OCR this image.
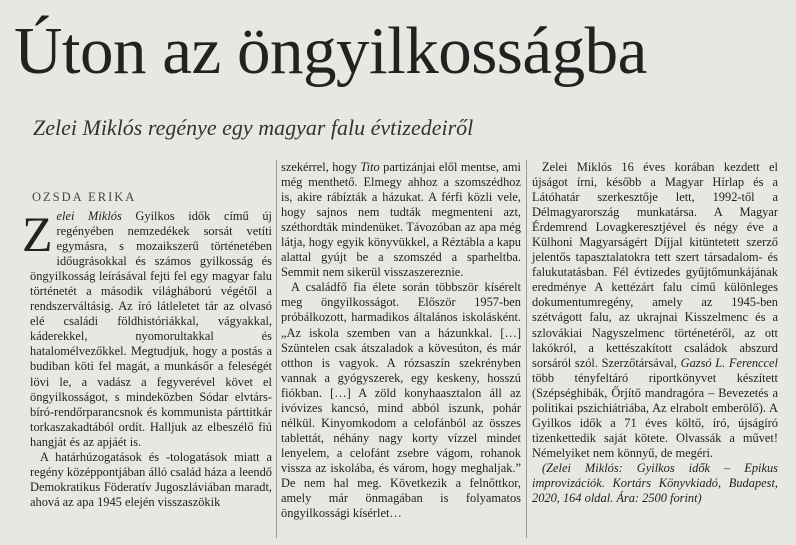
Úton az öngyilkosságba
Zelei Miklós regénye egy magyar falu évtizedeiről
OZSDA ERIKA

Zelei Miklós Gyilkos idők című új regényében nemzedékek sorsát vetíti egymásra, s mozaikszerű történetében időugrásokkal és számos gyilkosság és öngyilkosság leírásával fejti fel egy magyar falu történetét a második világháború végétől a rendszerváltásig. Az író látleletet tár az olvasó elé családi földhistóriákkal, vágyakkal, káderekkel, nyomorultakkal és hatalomélvezőkkel. Megtudjuk, hogy a postás a budiban köti fel magát, a munkásőr a feleségét lövi le, a vadász a fegyverével követ el öngyilkosságot, s mindeközben Sódar elvtárs-bíró-rendőrparancsnok és kommunista párttitkár torkaszakadtából ordít. Halljuk az elbeszélő fiú hangját és az apjáét is.

A határhúzogatások és -tologatások miatt a regény középpontjában álló család háza a leendő Demokratikus Föderatív Jugoszláviában maradt, ahová az apa 1945 elején visszaszökik

szekérrel, hogy Tito partizánjai elől mentse, ami még menthető. Elmegy ahhoz a szomszédhoz is, akire rábízták a házukat. A férfi közli vele, hogy sajnos nem tudták megmenteni azt, széthordták mindenüket. Távozóban az apa még látja, hogy egyik könyvükkel, a Réztábla a kapu alattal gyújt be a szomszéd a sparheltba. Semmit nem sikerül visszaszereznie.

A családfő fia élete során többször kísérelt meg öngyilkosságot. Először 1957-ben próbálkozott, harmadikos általános iskolásként. „Az iskola szemben van a házunkkal. […] Szüntelen csak átszaladok a kövesúton, és már otthon is vagyok. A rózsaszín szekrényben vannak a gyógyszerek, egy keskeny, hosszú fiókban. […] A zöld konyhaasztalon áll az ivóvizes kancsó, mind abból iszunk, pohár nélkül. Kinyomkodom a celofánból az összes tablettát, néhány nagy korty vízzel mindet lenyelem, a celofánt zsebre vágom, rohanok vissza az iskolába, és várom, hogy meghaljak.” De nem hal meg. Következik a felnőttkor, amely már önmagában is folyamatos öngyilkossági kísérlet…

Zelei Miklós 16 éves korában kezdett el újságot írni, később a Magyar Hírlap és a Látóhatár szerkesztője lett, 1992-től a Délmagyarország munkatársa. A Magyar Érdemrend Lovagkeresztjével és négy éve a Külhoni Magyarságért Díjjal kitüntetett szerző jelentős tapasztalatokra tett szert társadalom- és falukutatásban. Fél évtizedes gyűjtőmunkájának eredménye A kettézárt falu című különleges dokumentumregény, amely az 1945-ben szétvágott falu, az ukrajnai Kisszelmenc és a szlovákiai Nagyszelmenc történetéről, az ott lakókról, a kettészakított családok abszurd sorsáról szól. Szerzőtársával, Gazsó L. Ferenccel több tényfeltáró riportkönyvet készített (Szépséghibák, Őrjítő mandragóra – Bevezetés a politikai pszichiátriába, Az elrabolt emberölő). A Gyilkos idők a 71 éves költő, író, újságíró tizenkettedik saját kötete. Olvassák a művet! Némelyiket nem könnyű, de megéri.

(Zelei Miklós: Gyilkos idők – Epikus improvizációk. Kortárs Könyvkiadó, Budapest, 2020, 164 oldal. Ára: 2500 forint)
